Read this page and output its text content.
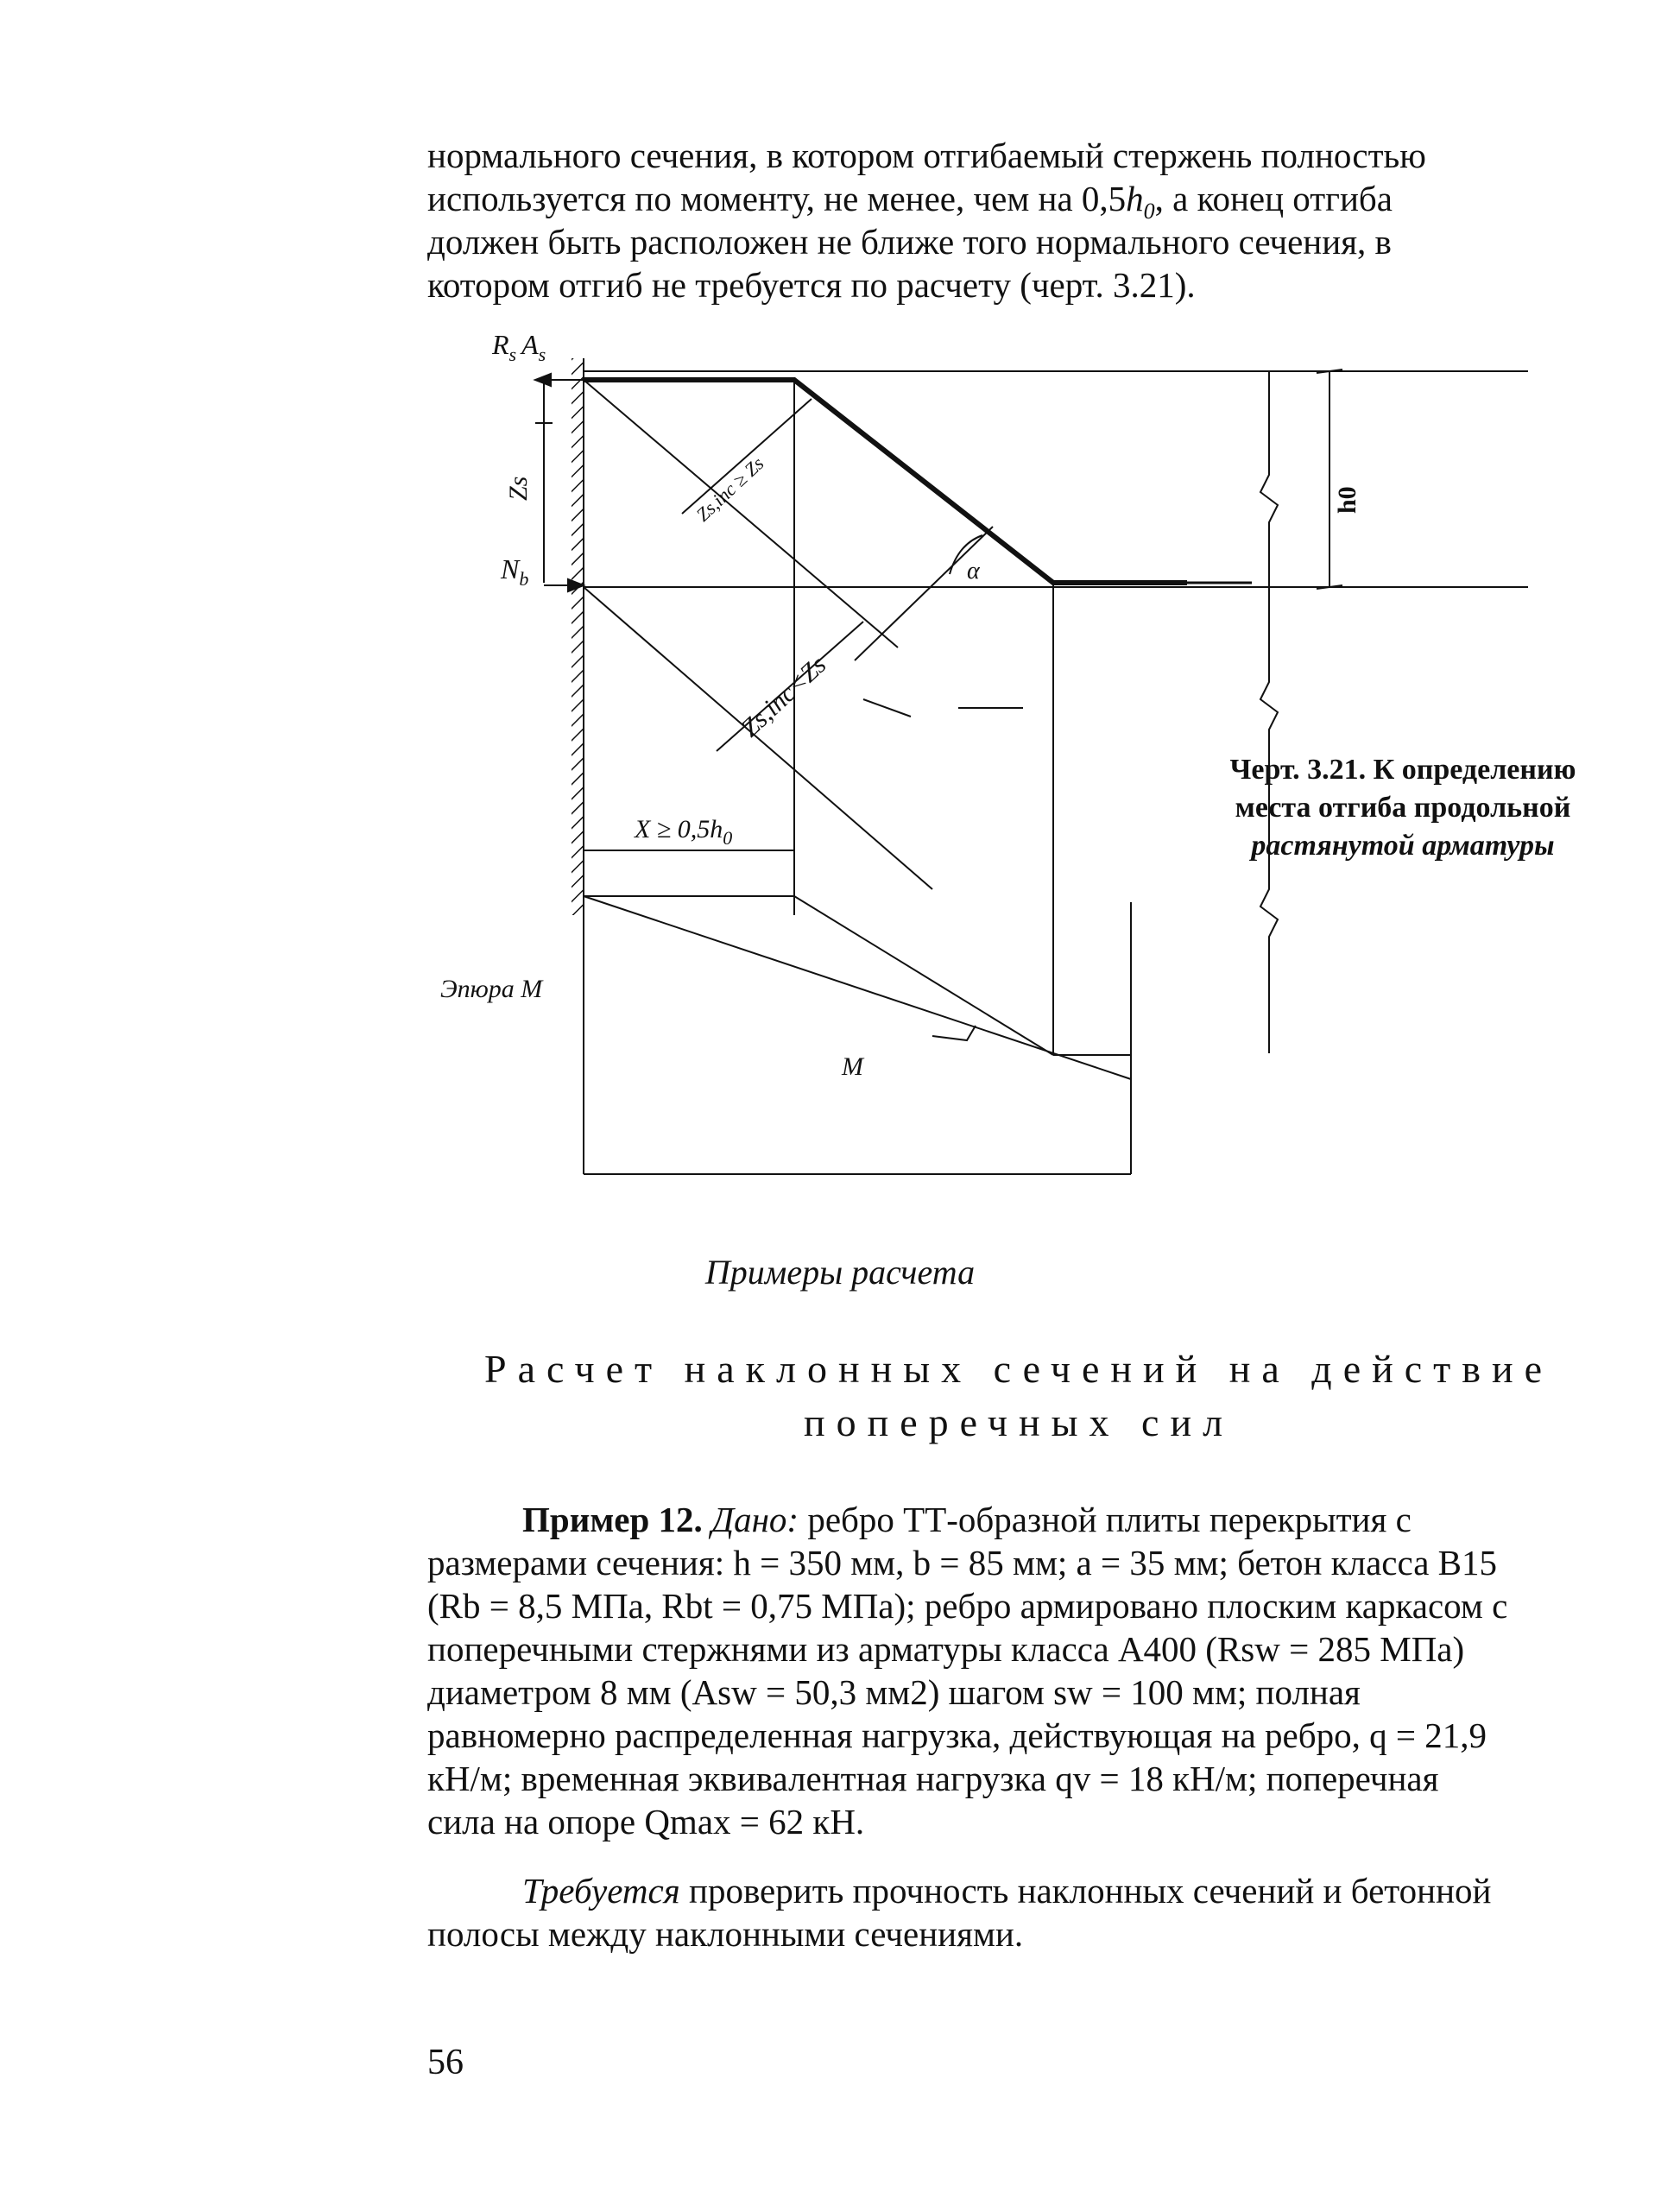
нормального сечения, в котором отгибаемый стержень полностью
используется по моменту, не менее, чем на $0,5h_0$, а конец отгиба
должен быть расположен не ближе того нормального сечения, в
котором отгиб не требуется по расчету (черт. 3.21).
$R_s$ $A_s$
Zs
$N_b$
h0
α
Zs,inc ≥ Zs
Zs,inc<Zs
$X \ge 0,5h_0$
Эпюра М
M
Черт. 3.21. К определению
места отгиба продольной
растянутой арматуры
Примеры расчета
Расчет наклонных сечений на действие
поперечных сил
Пример 12. Дано: ребро ТТ-образной плиты перекрытия с
размерами сечения: h = 350 мм, b = 85 мм; a = 35 мм; бетон класса B15
(Rb = 8,5 МПа, Rbt = 0,75 МПа); ребро армировано плоским каркасом с
поперечными стержнями из арматуры класса А400 (Rsw = 285 МПа)
диаметром 8 мм (Asw = 50,3 мм2) шагом sw = 100 мм; полная
равномерно распределенная нагрузка, действующая на ребро, q = 21,9
кН/м; временная эквивалентная нагрузка qv = 18 кН/м; поперечная
сила на опоре Qmax = 62 кН.
Требуется проверить прочность наклонных сечений и бетонной
полосы между наклонными сечениями.
56
